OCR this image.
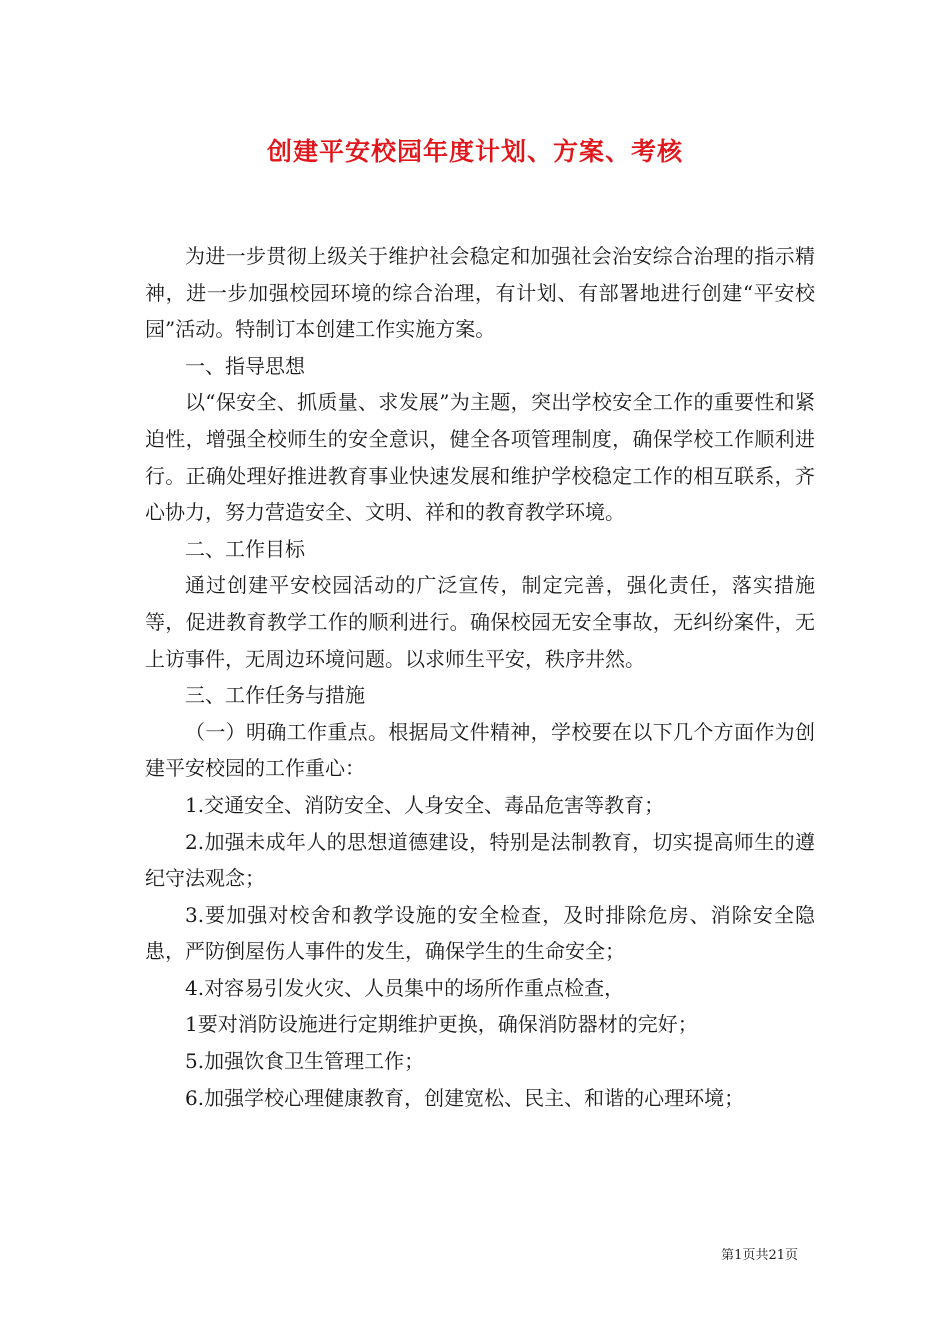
创建平安校园年度计划、方案、考核

为进一步贯彻上级关于维护社会稳定和加强社会治安综合治理的指示精神，进一步加强校园环境的综合治理，有计划、有部署地进行创建“平安校园”活动。特制订本创建工作实施方案。

一、指导思想

以“保安全、抓质量、求发展”为主题，突出学校安全工作的重要性和紧迫性，增强全校师生的安全意识，健全各项管理制度，确保学校工作顺利进行。正确处理好推进教育事业快速发展和维护学校稳定工作的相互联系，齐心协力，努力营造安全、文明、祥和的教育教学环境。

二、工作目标

通过创建平安校园活动的广泛宣传，制定完善，强化责任，落实措施等，促进教育教学工作的顺利进行。确保校园无安全事故，无纠纷案件，无上访事件，无周边环境问题。以求师生平安，秩序井然。

三、工作任务与措施

（一）明确工作重点。根据局文件精神，学校要在以下几个方面作为创建平安校园的工作重心：

1.交通安全、消防安全、人身安全、毒品危害等教育；

2.加强未成年人的思想道德建设，特别是法制教育，切实提高师生的遵纪守法观念；

3.要加强对校舍和教学设施的安全检查，及时排除危房、消除安全隐患，严防倒屋伤人事件的发生，确保学生的生命安全；

4.对容易引发火灾、人员集中的场所作重点检查，

1要对消防设施进行定期维护更换，确保消防器材的完好；

5.加强饮食卫生管理工作；

6.加强学校心理健康教育，创建宽松、民主、和谐的心理环境；

第1页共21页
